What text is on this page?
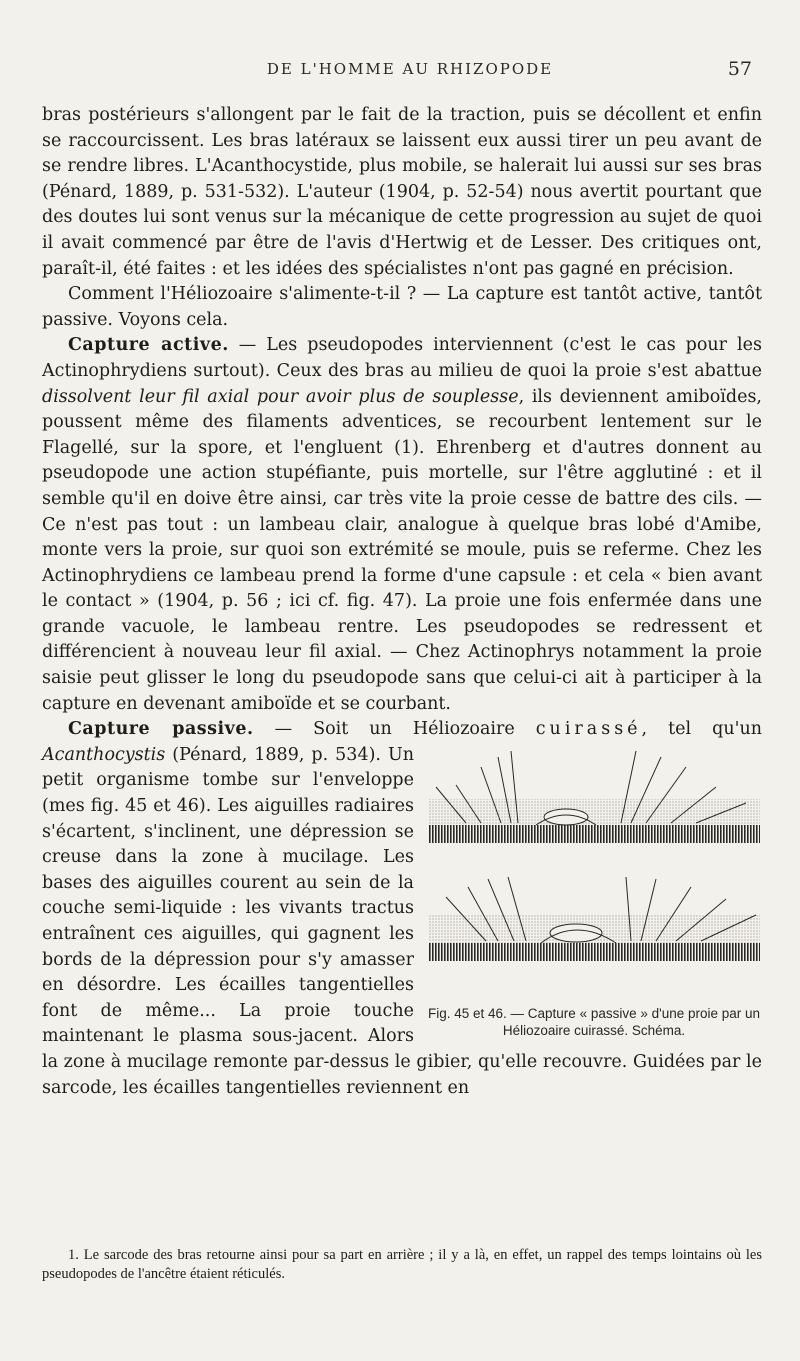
DE L'HOMME AU RHIZOPODE	57

bras postérieurs s'allongent par le fait de la traction, puis se décollent et enfin se raccourcissent. Les bras latéraux se laissent eux aussi tirer un peu avant de se rendre libres. L'Acanthocystide, plus mobile, se halerait lui aussi sur ses bras (Pénard, 1889, p. 531-532). L'auteur (1904, p. 52-54) nous avertit pourtant que des doutes lui sont venus sur la mécanique de cette progression au sujet de quoi il avait commencé par être de l'avis d'Hertwig et de Lesser. Des critiques ont, paraît-il, été faites : et les idées des spécialistes n'ont pas gagné en précision.

Comment l'Héliozoaire s'alimente-t-il ? — La capture est tantôt active, tantôt passive. Voyons cela.

Capture active. — Les pseudopodes interviennent (c'est le cas pour les Actinophrydiens surtout). Ceux des bras au milieu de quoi la proie s'est abattue dissolvent leur fil axial pour avoir plus de souplesse, ils deviennent amiboïdes, poussent même des filaments adventices, se recourbent lentement sur le Flagellé, sur la spore, et l'engluent (1). Ehrenberg et d'autres donnent au pseudopode une action stupéfiante, puis mortelle, sur l'être agglutiné : et il semble qu'il en doive être ainsi, car très vite la proie cesse de battre des cils. — Ce n'est pas tout : un lambeau clair, analogue à quelque bras lobé d'Amibe, monte vers la proie, sur quoi son extrémité se moule, puis se referme. Chez les Actinophrydiens ce lambeau prend la forme d'une capsule : et cela « bien avant le contact » (1904, p. 56 ; ici cf. fig. 47). La proie une fois enfermée dans une grande vacuole, le lambeau rentre. Les pseudopodes se redressent et différencient à nouveau leur fil axial. — Chez Actinophrys notamment la proie saisie peut glisser le long du pseudopode sans que celui-ci ait à participer à la capture en devenant amiboïde et se courbant.

Capture passive. — Soit un Héliozoaire cuirassé, tel qu'un Acanthocystis
Fig. 45 et 46. — Capture « passive » d'une proie par un Héliozoaire cuirassé. Schéma.
(Pénard, 1889, p. 534). Un petit organisme tombe sur l'enveloppe (mes fig. 45 et 46). Les aiguilles radiaires s'écartent, s'inclinent, une dépression se creuse dans la zone à mucilage. Les bases des aiguilles courent au sein de la couche semi-liquide : les vivants tractus entraînent ces aiguilles, qui gagnent les bords de la dépression pour s'y amasser en désordre. Les écailles tangentielles font de même... La proie touche maintenant le plasma sous-jacent. Alors la zone à mucilage remonte par-dessus le gibier, qu'elle recouvre. Guidées par le sarcode, les écailles tangentielles reviennent en

1. Le sarcode des bras retourne ainsi pour sa part en arrière ; il y a là, en effet, un rappel des temps lointains où les pseudopodes de l'ancêtre étaient réticulés.
